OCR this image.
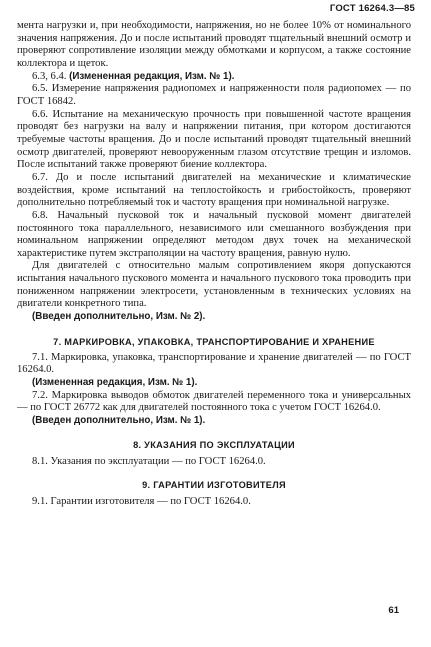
ГОСТ 16264.3—85

мента нагрузки и, при необходимости, напряжения, но не более 10% от номинального значения напряжения. До и после испытаний проводят тщательный внешний осмотр и проверяют сопротивление изоляции между обмотками и корпусом, а также состояние коллектора и щеток.

6.3, 6.4. (Измененная редакция, Изм. № 1).

6.5. Измерение напряжения радиопомех и напряженности поля радиопомех — по ГОСТ 16842.

6.6. Испытание на механическую прочность при повышенной частоте вращения проводят без нагрузки на валу и напряжении питания, при котором достигаются требуемые частоты вращения. До и после испытаний проводят тщательный внешний осмотр двигателей, проверяют невооруженным глазом отсутствие трещин и изломов. После испытаний также проверяют биение коллектора.

6.7. До и после испытаний двигателей на механические и климатические воздействия, кроме испытаний на теплостойкость и грибостойкость, проверяют дополнительно потребляемый ток и частоту вращения при номинальной нагрузке.

6.8. Начальный пусковой ток и начальный пусковой момент двигателей постоянного тока параллельного, независимого или смешанного возбуждения при номинальном напряжении определяют методом двух точек на механической характеристике путем экстраполяции на частоту вращения, равную нулю.

Для двигателей с относительно малым сопротивлением якоря допускаются испытания начального пускового момента и начального пускового тока проводить при пониженном напряжении электросети, установленным в технических условиях на двигатели конкретного типа.

(Введен дополнительно, Изм. № 2).

7. МАРКИРОВКА, УПАКОВКА, ТРАНСПОРТИРОВАНИЕ И ХРАНЕНИЕ

7.1. Маркировка, упаковка, транспортирование и хранение двигателей — по ГОСТ 16264.0.

(Измененная редакция, Изм. № 1).

7.2. Маркировка выводов обмоток двигателей переменного тока и универсальных — по ГОСТ 26772 как для двигателей постоянного тока с учетом ГОСТ 16264.0.

(Введен дополнительно, Изм. № 1).

8. УКАЗАНИЯ ПО ЭКСПЛУАТАЦИИ

8.1. Указания по эксплуатации — по ГОСТ 16264.0.

9. ГАРАНТИИ ИЗГОТОВИТЕЛЯ

9.1. Гарантии изготовителя — по ГОСТ 16264.0.

61
